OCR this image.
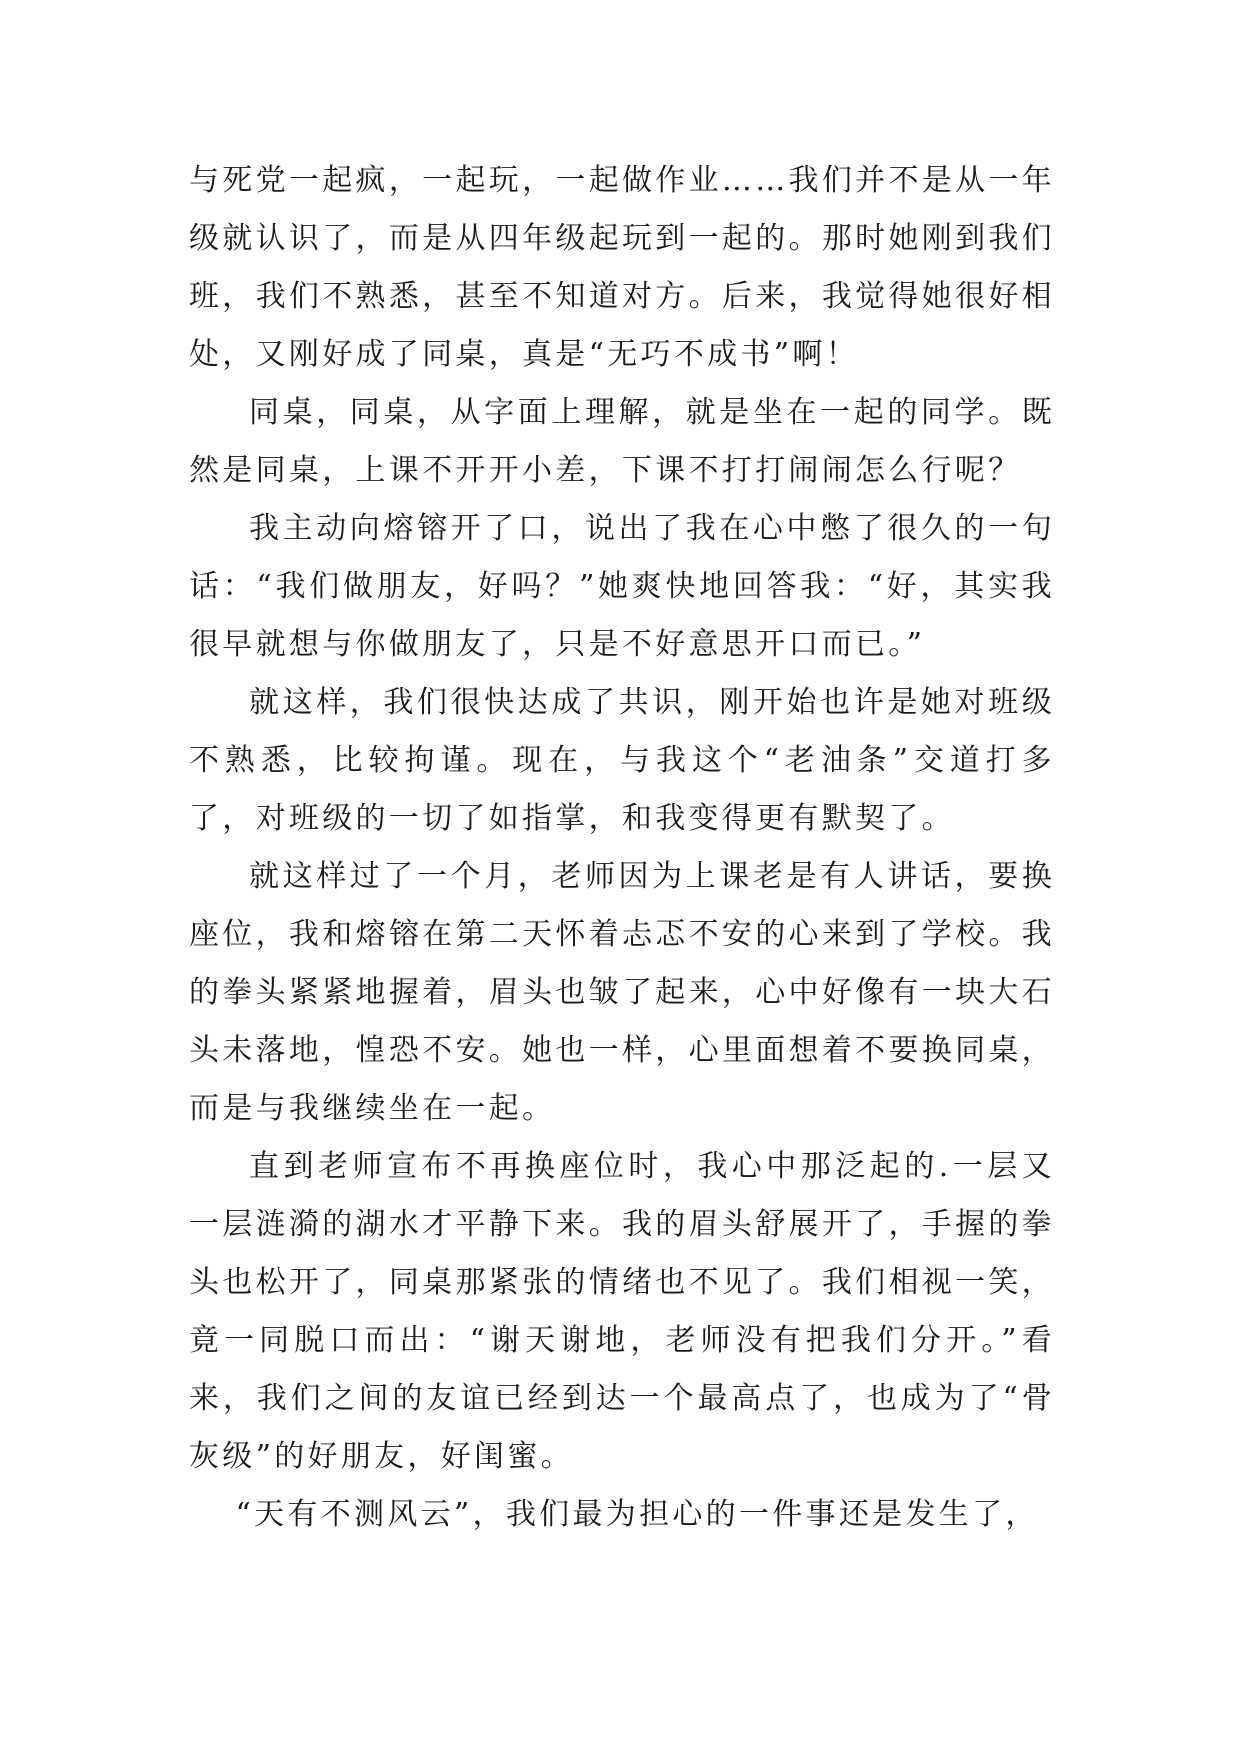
与死党一起疯，一起玩，一起做作业……我们并不是从一年级就认识了，而是从四年级起玩到一起的。那时她刚到我们班，我们不熟悉，甚至不知道对方。后来，我觉得她很好相处，又刚好成了同桌，真是“无巧不成书”啊！

同桌，同桌，从字面上理解，就是坐在一起的同学。既然是同桌，上课不开开小差，下课不打打闹闹怎么行呢？

我主动向熔镕开了口，说出了我在心中憋了很久的一句话：“我们做朋友，好吗？”她爽快地回答我：“好，其实我很早就想与你做朋友了，只是不好意思开口而已。”

就这样，我们很快达成了共识，刚开始也许是她对班级不熟悉，比较拘谨。现在，与我这个“老油条”交道打多了，对班级的一切了如指掌，和我变得更有默契了。

就这样过了一个月，老师因为上课老是有人讲话，要换座位，我和熔镕在第二天怀着忐忑不安的心来到了学校。我的拳头紧紧地握着，眉头也皱了起来，心中好像有一块大石头未落地，惶恐不安。她也一样，心里面想着不要换同桌，而是与我继续坐在一起。

直到老师宣布不再换座位时，我心中那泛起的.一层又一层涟漪的湖水才平静下来。我的眉头舒展开了，手握的拳头也松开了，同桌那紧张的情绪也不见了。我们相视一笑，竟一同脱口而出：“谢天谢地，老师没有把我们分开。”看来，我们之间的友谊已经到达一个最高点了，也成为了“骨灰级”的好朋友，好闺蜜。

“天有不测风云”，我们最为担心的一件事还是发生了，
